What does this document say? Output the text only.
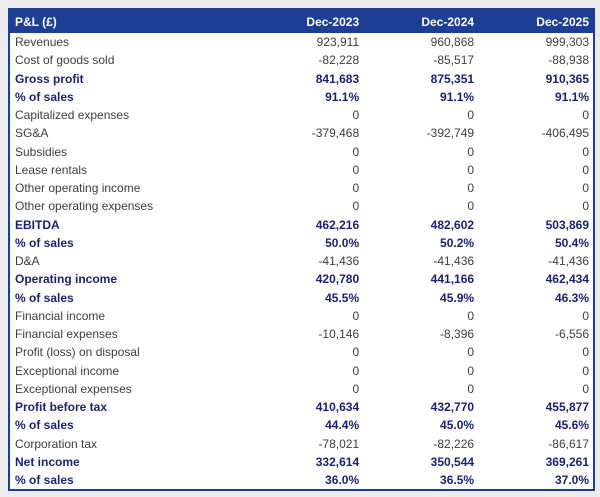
P&L (£)	Dec-2023	Dec-2024	Dec-2025
Revenues	923,911	960,868	999,303
Cost of goods sold	-82,228	-85,517	-88,938
Gross profit	841,683	875,351	910,365
% of sales	91.1%	91.1%	91.1%
Capitalized expenses	0	0	0
SG&A	-379,468	-392,749	-406,495
Subsidies	0	0	0
Lease rentals	0	0	0
Other operating income	0	0	0
Other operating expenses	0	0	0
EBITDA	462,216	482,602	503,869
% of sales	50.0%	50.2%	50.4%
D&A	-41,436	-41,436	-41,436
Operating income	420,780	441,166	462,434
% of sales	45.5%	45.9%	46.3%
Financial income	0	0	0
Financial expenses	-10,146	-8,396	-6,556
Profit (loss) on disposal	0	0	0
Exceptional income	0	0	0
Exceptional expenses	0	0	0
Profit before tax	410,634	432,770	455,877
% of sales	44.4%	45.0%	45.6%
Corporation tax	-78,021	-82,226	-86,617
Net income	332,614	350,544	369,261
% of sales	36.0%	36.5%	37.0%
